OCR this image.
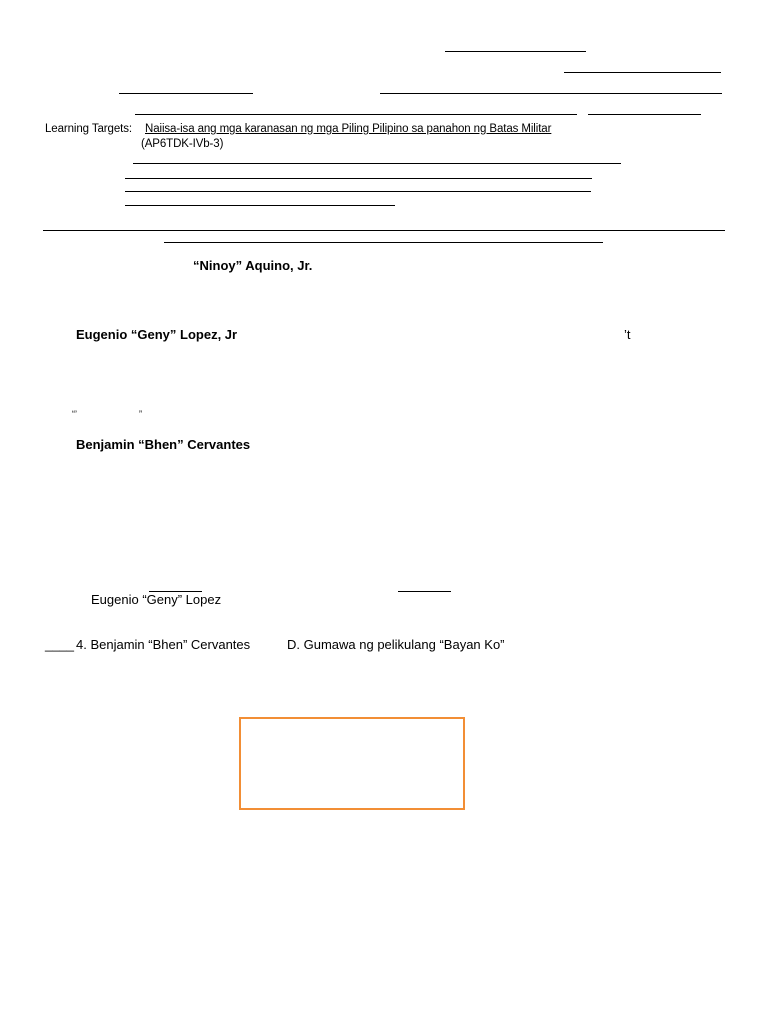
Learning Targets: Naiisa-isa ang mga karanasan ng mga Piling Pilipino sa panahon ng Batas Militar
(AP6TDK-IVb-3)
“Ninoy” Aquino, Jr.
Eugenio “Geny” Lopez, Jr	’t
“’	”
Benjamin “Bhen” Cervantes
Eugenio “Geny” Lopez
____ 4. Benjamin “Bhen” Cervantes	D. Gumawa ng pelikulang “Bayan Ko”
